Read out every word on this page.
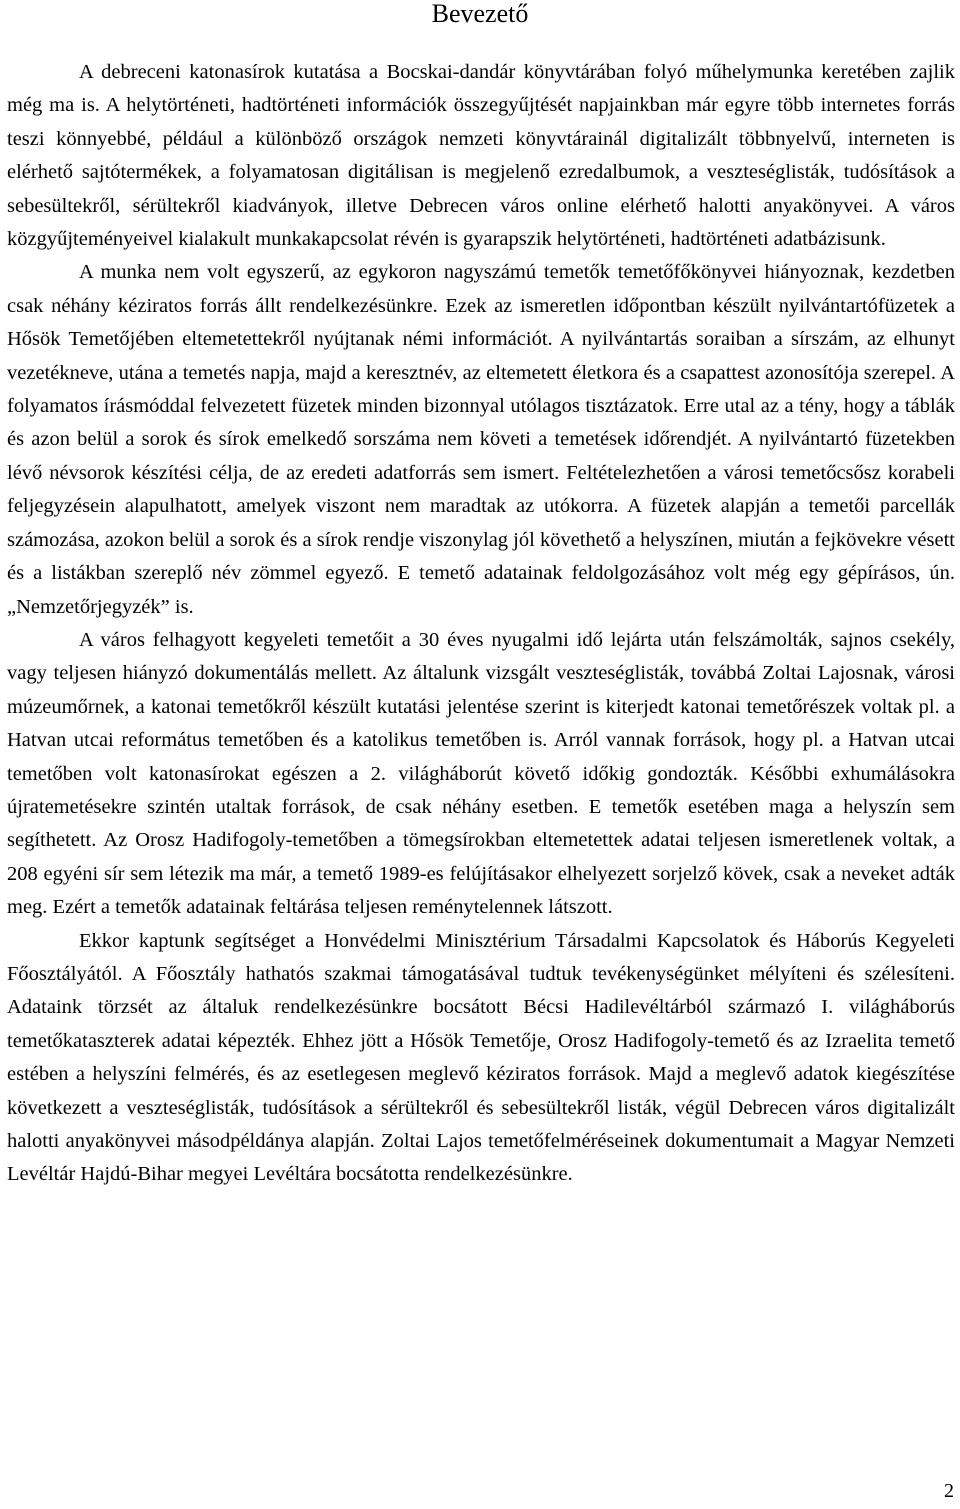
Bevezető

A debreceni katonasírok kutatása a Bocskai-dandár könyvtárában folyó műhelymunka keretében zajlik még ma is. A helytörténeti, hadtörténeti információk összegyűjtését napjainkban már egyre több internetes forrás teszi könnyebbé, például a különböző országok nemzeti könyvtárainál digitalizált többnyelvű, interneten is elérhető sajtótermékek, a folyamatosan digitálisan is megjelenő ezredalbumok, a veszteséglisták, tudósítások a sebesültekről, sérültekről kiadványok, illetve Debrecen város online elérhető halotti anyakönyvei. A város közgyűjteményeivel kialakult munkakapcsolat révén is gyarapszik helytörténeti, hadtörténeti adatbázisunk.

A munka nem volt egyszerű, az egykoron nagyszámú temetők temetőfőkönyvei hiányoznak, kezdetben csak néhány kéziratos forrás állt rendelkezésünkre. Ezek az ismeretlen időpontban készült nyilvántartófüzetek a Hősök Temetőjében eltemetettekről nyújtanak némi információt. A nyilvántartás soraiban a sírszám, az elhunyt vezetékneve, utána a temetés napja, majd a keresztnév, az eltemetett életkora és a csapattest azonosítója szerepel. A folyamatos írásmóddal felvezetett füzetek minden bizonnyal utólagos tisztázatok. Erre utal az a tény, hogy a táblák és azon belül a sorok és sírok emelkedő sorszáma nem követi a temetések időrendjét. A nyilvántartó füzetekben lévő névsorok készítési célja, de az eredeti adatforrás sem ismert. Feltételezhetően a városi temetőcsősz korabeli feljegyzésein alapulhatott, amelyek viszont nem maradtak az utókorra. A füzetek alapján a temetői parcellák számozása, azokon belül a sorok és a sírok rendje viszonylag jól követhető a helyszínen, miután a fejkövekre vésett és a listákban szereplő név zömmel egyező. E temető adatainak feldolgozásához volt még egy gépírásos, ún. „Nemzetőrjegyzék” is.

A város felhagyott kegyeleti temetőit a 30 éves nyugalmi idő lejárta után felszámolták, sajnos csekély, vagy teljesen hiányzó dokumentálás mellett. Az általunk vizsgált veszteséglisták, továbbá Zoltai Lajosnak, városi múzeumőrnek, a katonai temetőkről készült kutatási jelentése szerint is kiterjedt katonai temetőrészek voltak pl. a Hatvan utcai református temetőben és a katolikus temetőben is. Arról vannak források, hogy pl. a Hatvan utcai temetőben volt katonasírokat egészen a 2. világháborút követő időkig gondozták. Későbbi exhumálásokra újratemetésekre szintén utaltak források, de csak néhány esetben. E temetők esetében maga a helyszín sem segíthetett. Az Orosz Hadifogoly-temetőben a tömegsírokban eltemetettek adatai teljesen ismeretlenek voltak, a 208 egyéni sír sem létezik ma már, a temető 1989-es felújításakor elhelyezett sorjelző kövek, csak a neveket adták meg. Ezért a temetők adatainak feltárása teljesen reménytelennek látszott.

Ekkor kaptunk segítséget a Honvédelmi Minisztérium Társadalmi Kapcsolatok és Háborús Kegyeleti Főosztályától. A Főosztály hathatós szakmai támogatásával tudtuk tevékenységünket mélyíteni és szélesíteni. Adataink törzsét az általuk rendelkezésünkre bocsátott Bécsi Hadilevéltárból származó I. világháborús temetőkataszterek adatai képezték. Ehhez jött a Hősök Temetője, Orosz Hadifogoly-temető és az Izraelita temető estében a helyszíni felmérés, és az esetlegesen meglevő kéziratos források. Majd a meglevő adatok kiegészítése következett a veszteséglisták, tudósítások a sérültekről és sebesültekről listák, végül Debrecen város digitalizált halotti anyakönyvei másodpéldánya alapján. Zoltai Lajos temetőfelméréseinek dokumentumait a Magyar Nemzeti Levéltár Hajdú-Bihar megyei Levéltára bocsátotta rendelkezésünkre.

2
